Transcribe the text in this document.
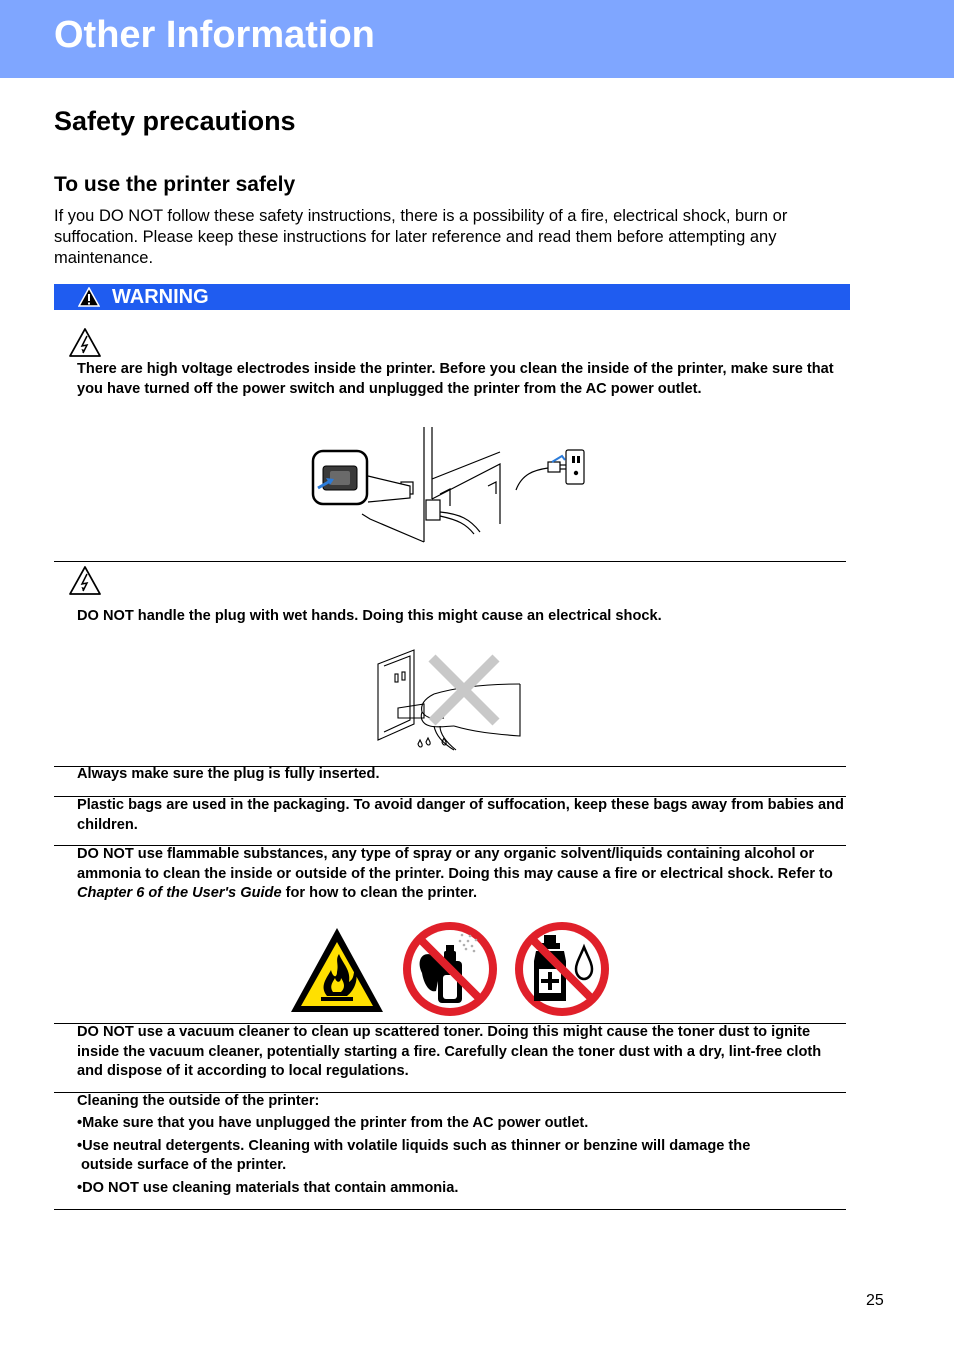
Other Information
Safety precautions
To use the printer safely

If you DO NOT follow these safety instructions, there is a possibility of a fire, electrical shock, burn or suffocation. Please keep these instructions for later reference and read them before attempting any maintenance.

WARNING

There are high voltage electrodes inside the printer. Before you clean the inside of the printer, make sure that you have turned off the power switch and unplugged the printer from the AC power outlet.

DO NOT handle the plug with wet hands. Doing this might cause an electrical shock.

Always make sure the plug is fully inserted.

Plastic bags are used in the packaging. To avoid danger of suffocation, keep these bags away from babies and children.

DO NOT use flammable substances, any type of spray or any organic solvent/liquids containing alcohol or ammonia to clean the inside or outside of the printer. Doing this may cause a fire or electrical shock. Refer to Chapter 6 of the User's Guide for how to clean the printer.

DO NOT use a vacuum cleaner to clean up scattered toner. Doing this might cause the toner dust to ignite inside the vacuum cleaner, potentially starting a fire. Carefully clean the toner dust with a dry, lint-free cloth and dispose of it according to local regulations.

Cleaning the outside of the printer:

•Make sure that you have unplugged the printer from the AC power outlet.

•Use neutral detergents. Cleaning with volatile liquids such as thinner or benzine will damage the

outside surface of the printer.

•DO NOT use cleaning materials that contain ammonia.

25
